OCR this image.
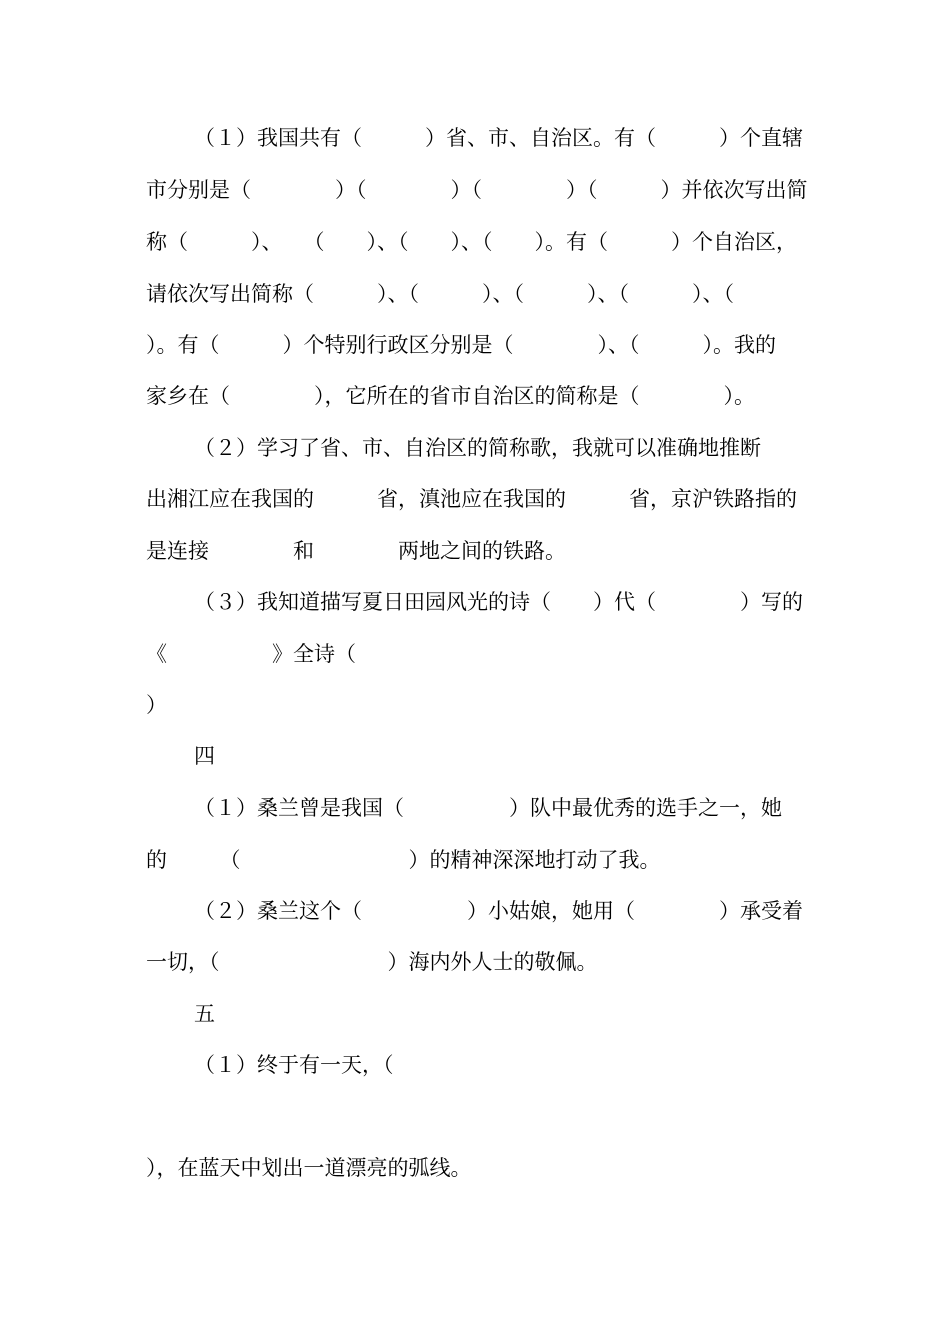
（１）我国共有（　　　）省、市、自治区。有（　　　）个直辖
市分别是（　　　　）（　　　　）（　　　　）（　　　）并依次写出简
称（　　　）、　　（　　）、（　　）、（　　）。有（　　　）个自治区，
请依次写出简称（　　　）、（　　　）、（　　　）、（　　　）、（
）。有（　　　）个特别行政区分别是（　　　　）、（　　　）。我的
家乡在（　　　　），它所在的省市自治区的简称是（　　　　）。
（２）学习了省、市、自治区的简称歌，我就可以准确地推断
出湘江应在我国的　　　省，滇池应在我国的　　　省，京沪铁路指的
是连接　　　　和　　　　两地之间的铁路。
（３）我知道描写夏日田园风光的诗（　　）代（　　　　）写的
《　　　　　》全诗（
）
四
（１）桑兰曾是我国（　　　　　）队中最优秀的选手之一，她
的　　　（　　　　　　　　）的精神深深地打动了我。
（２）桑兰这个（　　　　　）小姑娘，她用（　　　　）承受着
一切，（　　　　　　　　）海内外人士的敬佩。
五
（１）终于有一天，（
），在蓝天中划出一道漂亮的弧线。
